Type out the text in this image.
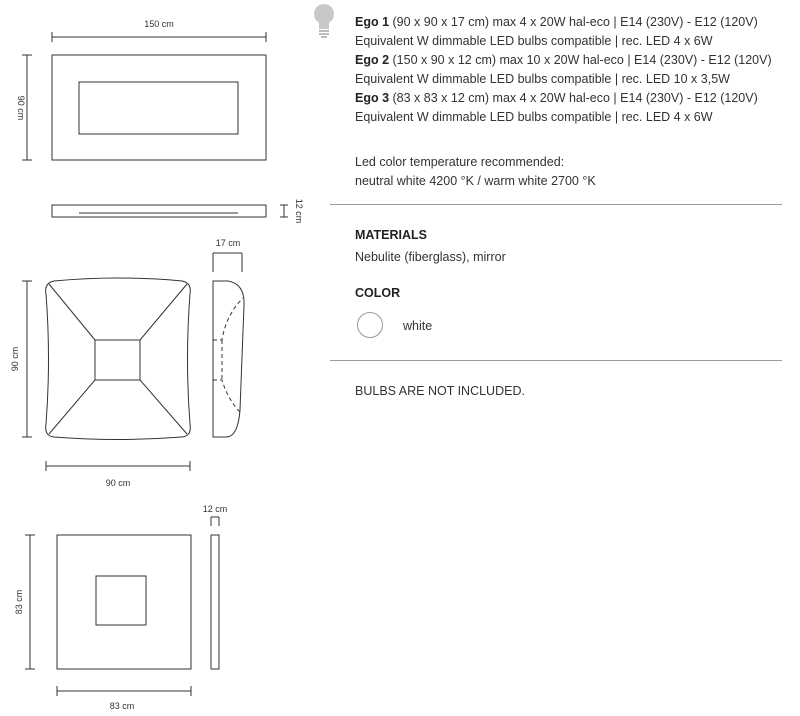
150 cm
90 cm
12 cm
90 cm
90 cm
17 cm
83 cm
83 cm
12 cm

Ego 1 (90 x 90 x 17 cm) max 4 x 20W hal-eco | E14 (230V) - E12 (120V)

Equivalent W dimmable LED bulbs compatible | rec. LED 4 x 6W

Ego 2 (150 x 90 x 12 cm) max 10 x 20W hal-eco | E14 (230V) - E12 (120V)

Equivalent W dimmable LED bulbs compatible | rec. LED 10 x 3,5W

Ego 3 (83 x 83 x 12 cm) max 4 x 20W hal-eco | E14 (230V) - E12 (120V)

Equivalent W dimmable LED bulbs compatible | rec. LED 4 x 6W

Led color temperature recommended:
neutral white 4200 °K / warm white 2700 °K
MATERIALS
Nebulite (fiberglass), mirror
COLOR
white
BULBS ARE NOT INCLUDED.
